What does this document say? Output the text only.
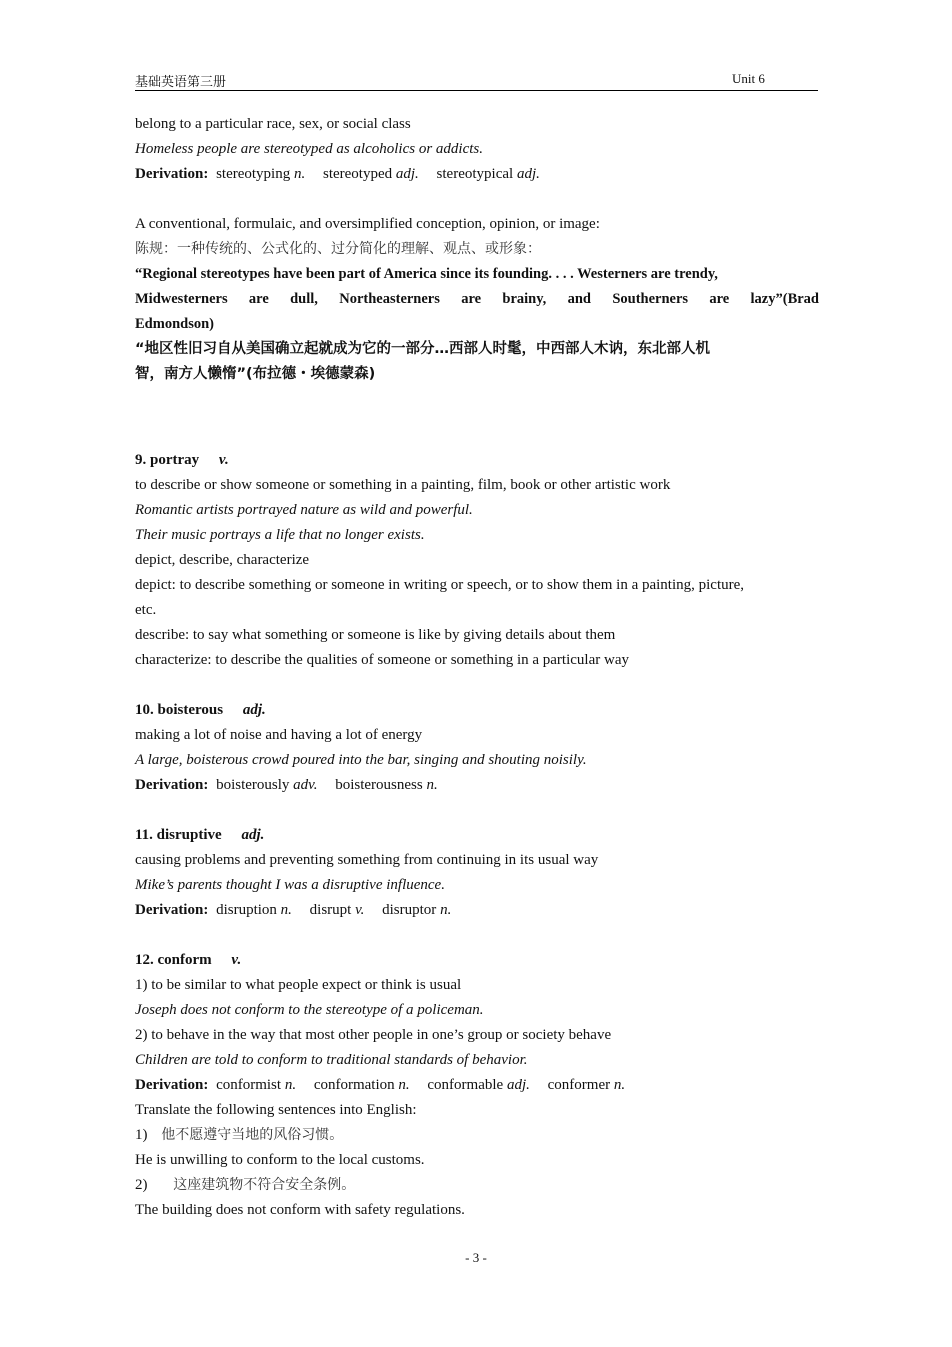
基础英语第三册	Unit 6
belong to a particular race, sex, or social class
Homeless people are stereotyped as alcoholics or addicts.
Derivation: stereotyping n. stereotyped adj. stereotypical adj.
A conventional, formulaic, and oversimplified conception, opinion, or image:
陈规：一种传统的、公式化的、过分简化的理解、观点、或形象：
“Regional stereotypes have been part of America since its founding. . . . Westerners are trendy,
Midwesterners are dull, Northeasterners are brainy, and Southerners are lazy”(Brad
Edmondson)
“地区性旧习自从美国确立起就成为它的一部分…西部人时髦，中西部人木讷，东北部人机
智，南方人懒惰”(布拉德・埃德蒙森)
9. portray v.
to describe or show someone or something in a painting, film, book or other artistic work
Romantic artists portrayed nature as wild and powerful.
Their music portrays a life that no longer exists.
depict, describe, characterize
depict: to describe something or someone in writing or speech, or to show them in a painting, picture,
etc.
describe: to say what something or someone is like by giving details about them
characterize: to describe the qualities of someone or something in a particular way
10. boisterous adj.
making a lot of noise and having a lot of energy
A large, boisterous crowd poured into the bar, singing and shouting noisily.
Derivation: boisterously adv. boisterousness n.
11. disruptive adj.
causing problems and preventing something from continuing in its usual way
Mike’s parents thought I was a disruptive influence.
Derivation: disruption n. disrupt v. disruptor n.
12. conform v.
1) to be similar to what people expect or think is usual
Joseph does not conform to the stereotype of a policeman.
2) to behave in the way that most other people in one’s group or society behave
Children are told to conform to traditional standards of behavior.
Derivation: conformist n. conformation n. conformable adj. conformer n.
Translate the following sentences into English:
1) 他不愿遵守当地的风俗习惯。
He is unwilling to conform to the local customs.
2) 这座建筑物不符合安全条例。
The building does not conform with safety regulations.
- 3 -
